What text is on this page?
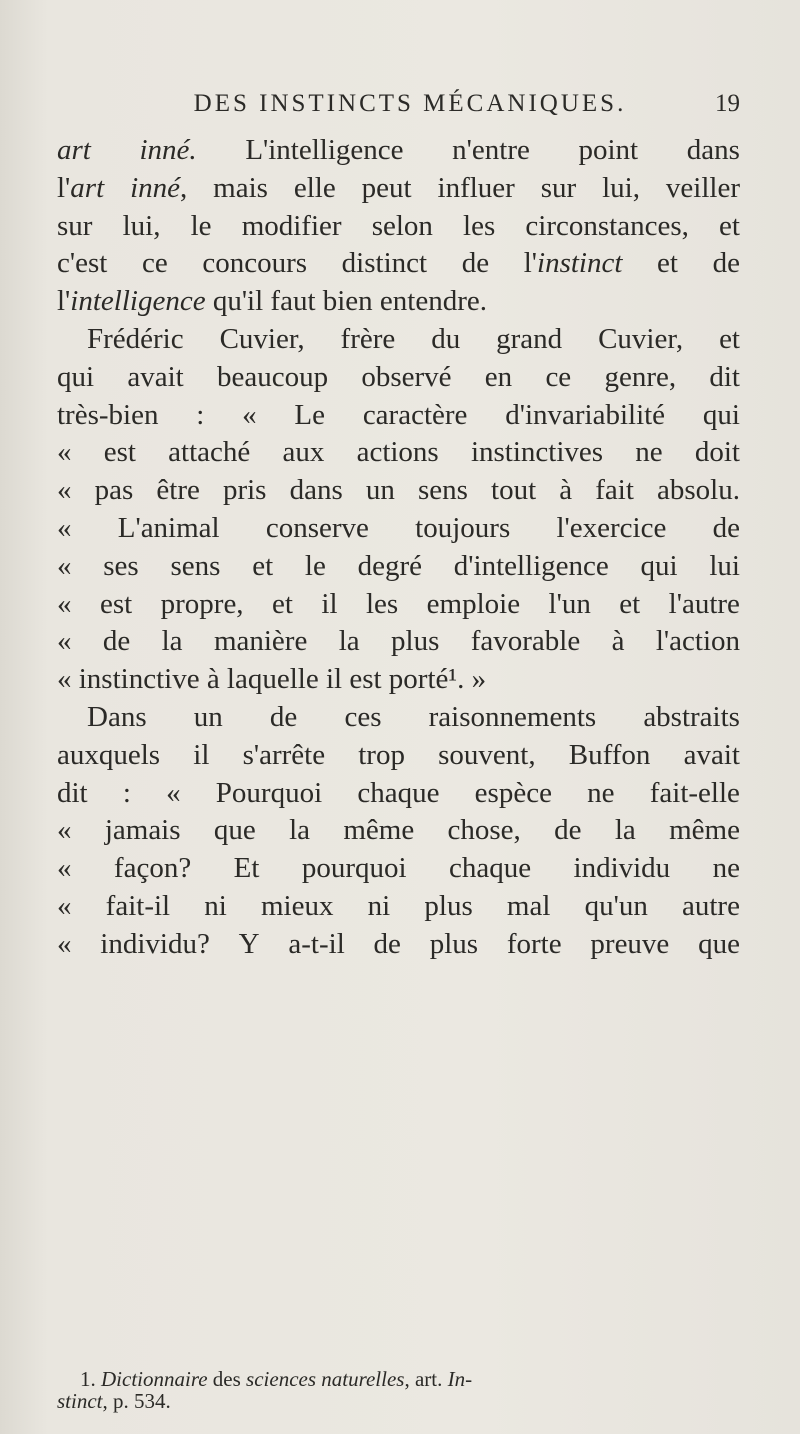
DES INSTINCTS MÉCANIQUES.	19
art inné. L'intelligence n'entre point dans
l'art inné, mais elle peut influer sur lui, veiller
sur lui, le modifier selon les circonstances, et
c'est ce concours distinct de l'instinct et de
l' intelligence qu'il faut bien entendre.
Frédéric Cuvier, frère du grand Cuvier, et
qui avait beaucoup observé en ce genre, dit
très-bien : « Le caractère d'invariabilité qui
« est attaché aux actions instinctives ne doit
« pas être pris dans un sens tout à fait absolu.
« L'animal conserve toujours l'exercice de
« ses sens et le degré d'intelligence qui lui
« est propre, et il les emploie l'un et l'autre
« de la manière la plus favorable à l'action
« instinctive à laquelle il est porté¹. »
Dans un de ces raisonnements abstraits
auxquels il s'arrête trop souvent, Buffon avait
dit : « Pourquoi chaque espèce ne fait-elle
« jamais que la même chose, de la même
« façon? Et pourquoi chaque individu ne
« fait-il ni mieux ni plus mal qu'un autre
« individu? Y a-t-il de plus forte preuve que
1. Dictionnaire des sciences naturelles , art. In-
stinct , p. 534.
